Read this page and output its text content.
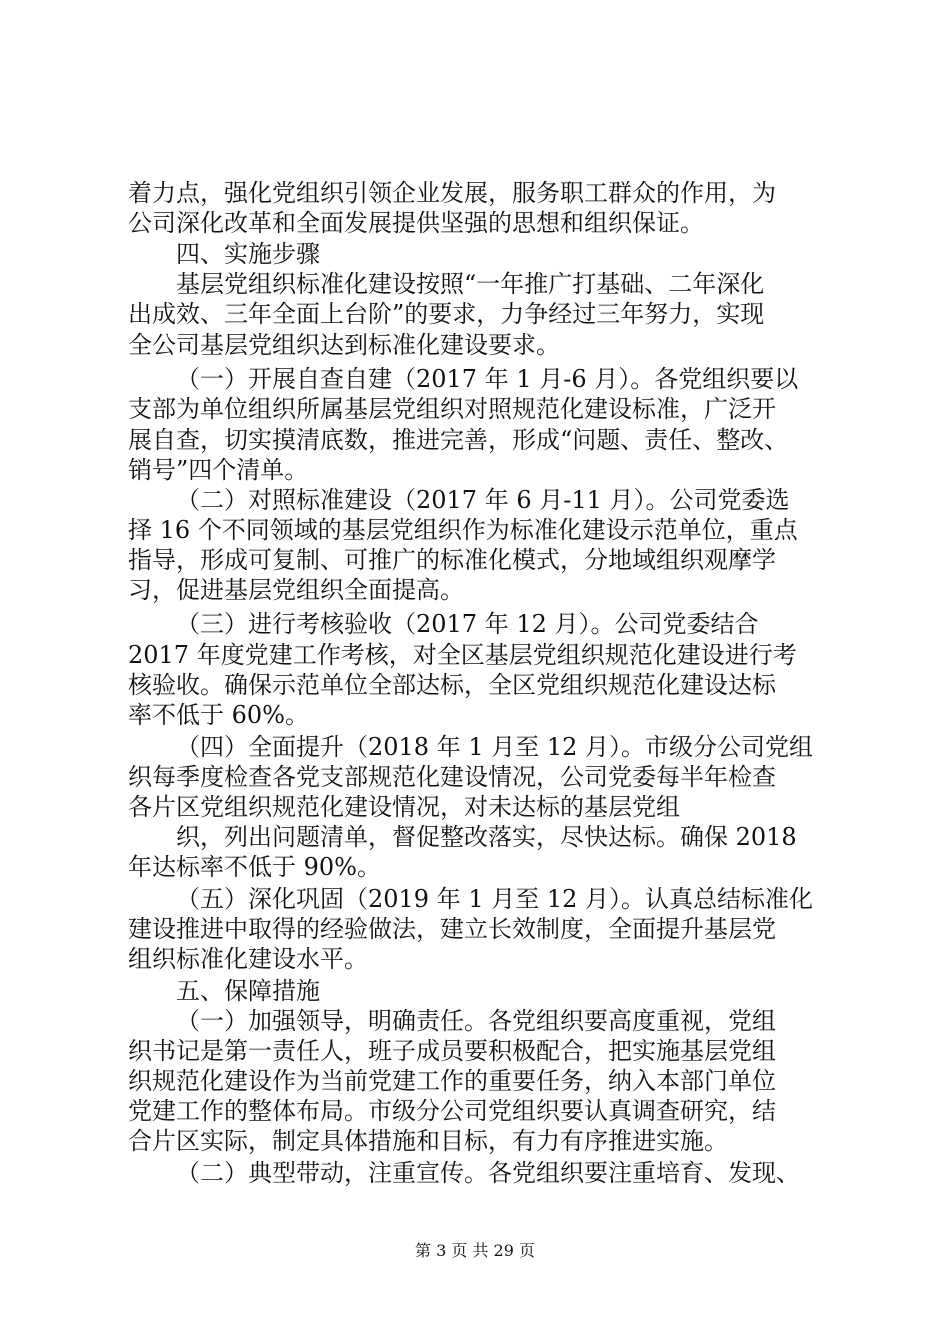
着力点，强化党组织引领企业发展，服务职工群众的作用，为
公司深化改革和全面发展提供坚强的思想和组织保证。
四、实施步骤
基层党组织标准化建设按照“一年推广打基础、二年深化
出成效、三年全面上台阶”的要求，力争经过三年努力，实现
全公司基层党组织达到标准化建设要求。
（一）开展自查自建（2017 年 1 月-6 月）。各党组织要以
支部为单位组织所属基层党组织对照规范化建设标准，广泛开
展自查，切实摸清底数，推进完善，形成“问题、责任、整改、
销号”四个清单。
（二）对照标准建设（2017 年 6 月-11 月）。公司党委选
择 16 个不同领域的基层党组织作为标准化建设示范单位，重点
指导，形成可复制、可推广的标准化模式，分地域组织观摩学
习，促进基层党组织全面提高。
（三）进行考核验收（2017 年 12 月）。公司党委结合
2017 年度党建工作考核，对全区基层党组织规范化建设进行考
核验收。确保示范单位全部达标，全区党组织规范化建设达标
率不低于 60%。
（四）全面提升（2018 年 1 月至 12 月）。市级分公司党组
织每季度检查各党支部规范化建设情况，公司党委每半年检查
各片区党组织规范化建设情况，对未达标的基层党组
织，列出问题清单，督促整改落实，尽快达标。确保 2018
年达标率不低于 90%。
（五）深化巩固（2019 年 1 月至 12 月）。认真总结标准化
建设推进中取得的经验做法，建立长效制度，全面提升基层党
组织标准化建设水平。
五、保障措施
（一）加强领导，明确责任。各党组织要高度重视，党组
织书记是第一责任人，班子成员要积极配合，把实施基层党组
织规范化建设作为当前党建工作的重要任务，纳入本部门单位
党建工作的整体布局。市级分公司党组织要认真调查研究，结
合片区实际，制定具体措施和目标，有力有序推进实施。
（二）典型带动，注重宣传。各党组织要注重培育、发现、
第 3 页 共 29 页
